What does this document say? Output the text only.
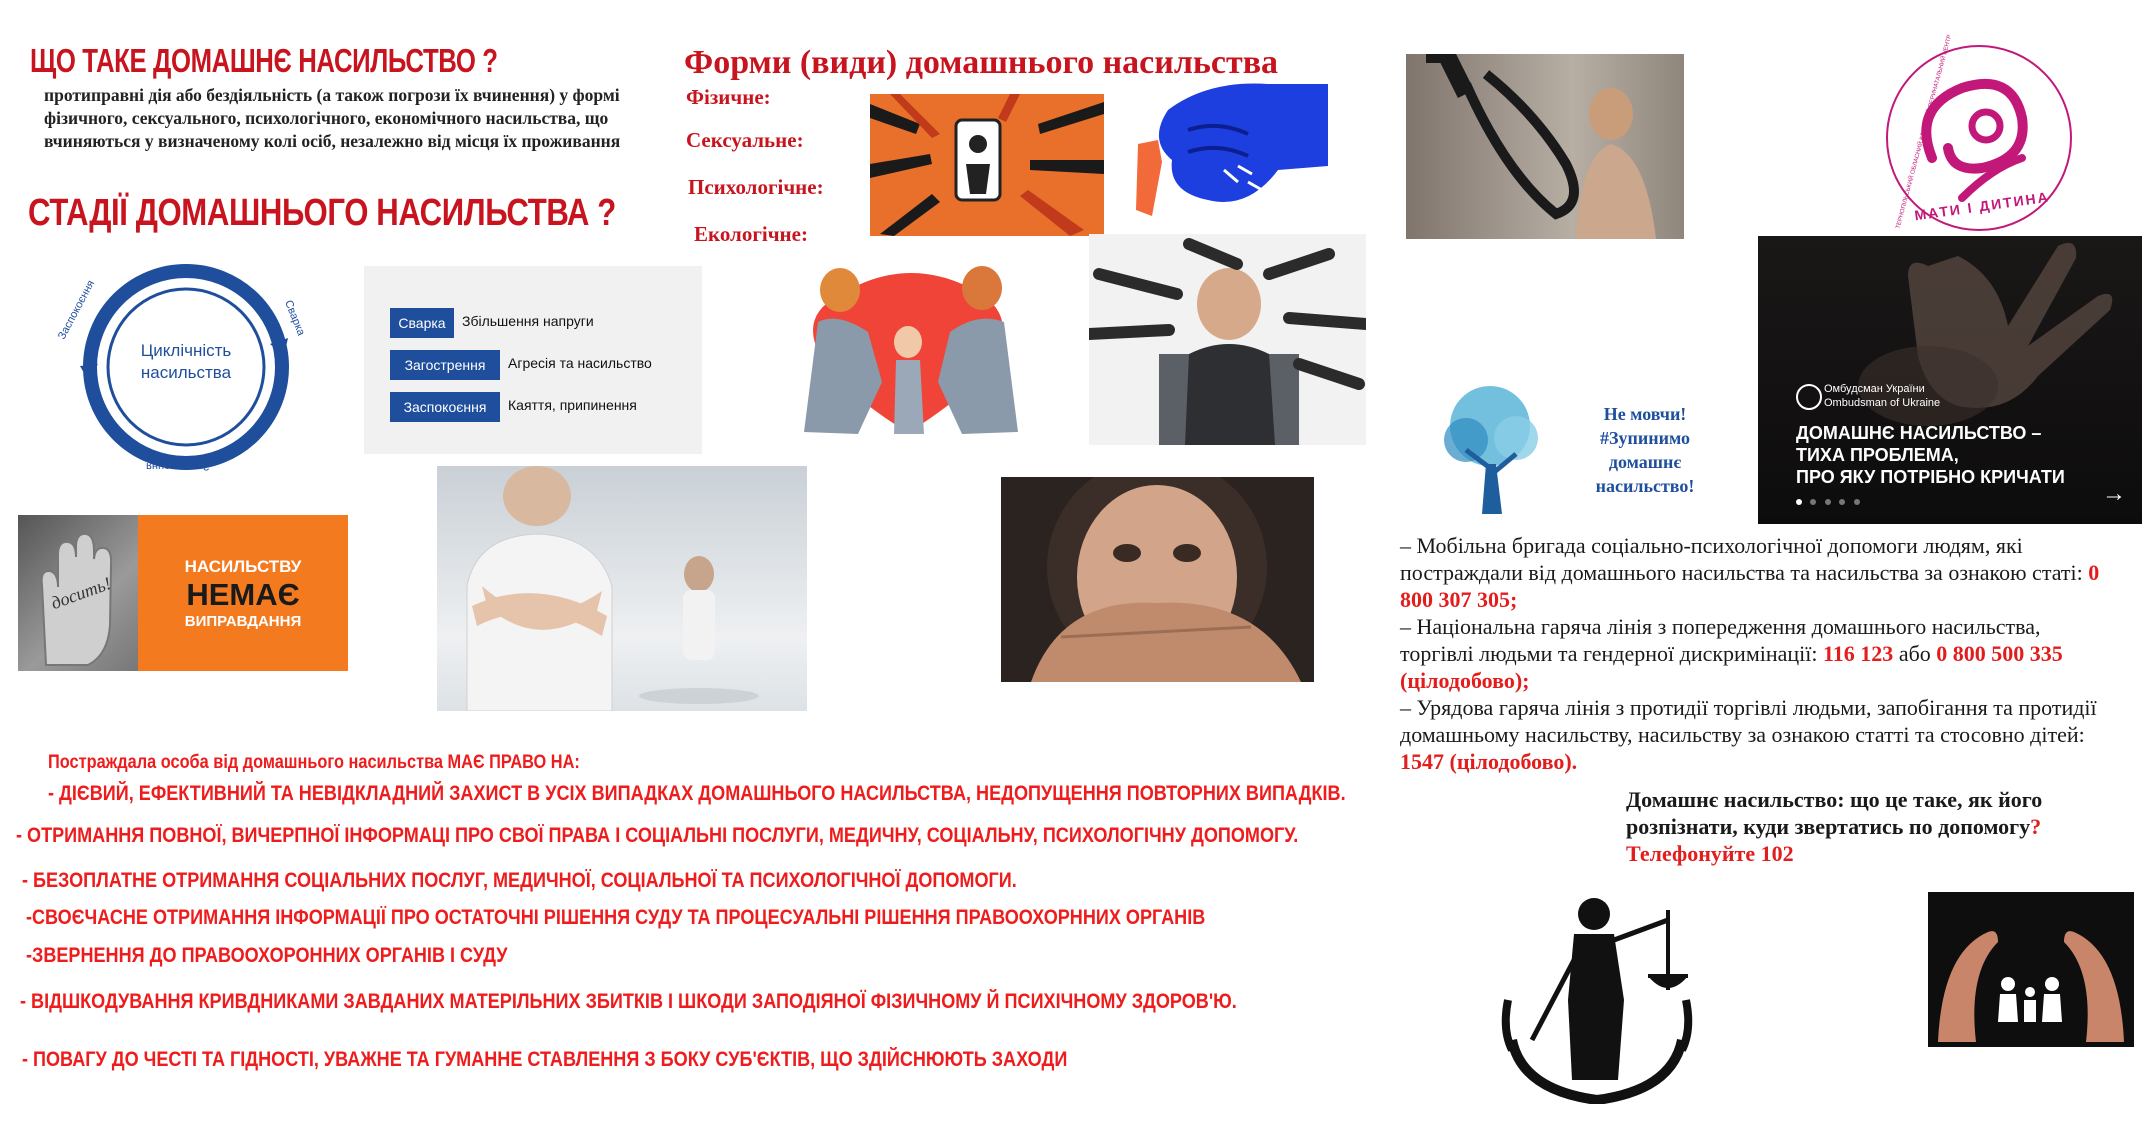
ЩО ТАКЕ ДОМАШНЄ НАСИЛЬСТВО ?
протиправні дія або бездіяльність (а також погрози їх вчинення) у формі
фізичного, сексуального, психологічного, економічного насильства, що
вчиняються у визначеному колі осіб, незалежно від місця їх проживання
СТАДІЇ ДОМАШНЬОГО НАСИЛЬСТВА ?
Форми (види) домашнього насильства
Фізичне:
Сексуальне:
Психологічне:
Екологічне:
Циклічність насильства
Заспокоєння	Сварка
Загострення
Сварка	Збільшення напруги
Загострення	Агресія та насильство
Заспокоєння	Каяття, припинення
досить!
НАСИЛЬСТВУ
НЕМАЄ
ВИПРАВДАННЯ
МАТИ І ДИТИНА
ТЕРНОПІЛЬСЬКИЙ ОБЛАСНИЙ КЛІНІЧНИЙ ПЕРИНАТАЛЬНИЙ ЦЕНТР
Не мовчи!
#Зупинимо
домашнє
насильство!
Омбудсман України
Ombudsman of Ukraine
ДОМАШНЄ НАСИЛЬСТВО –
ТИХА ПРОБЛЕМА,
ПРО ЯКУ ПОТРІБНО КРИЧАТИ

→
– Мобільна бригада соціально-психологічної допомоги людям, які постраждали від домашнього насильства та насильства за ознакою статі: 0 800 307 305;
– Національна гаряча лінія з попередження домашнього насильства, торгівлі людьми та гендерної дискримінації: 116 123 або 0 800 500 335 (цілодобово);
– Урядова гаряча лінія з протидії торгівлі людьми, запобігання та протидії домашньому насильству, насильству за ознакою статті та стосовно дітей: 1547 (цілодобово).
Домашнє насильство: що це таке, як його розпізнати, куди звертатись по допомогу?
Телефонуйте 102
Постраждала особа від домашнього насильства МАЄ ПРАВО НА:
- ДІЄВИЙ, ЕФЕКТИВНИЙ ТА НЕВІДКЛАДНИЙ ЗАХИСТ В УСІХ ВИПАДКАХ ДОМАШНЬОГО НАСИЛЬСТВА, НЕДОПУЩЕННЯ ПОВТОРНИХ ВИПАДКІВ.
- ОТРИМАННЯ ПОВНОЇ, ВИЧЕРПНОЇ ІНФОРМАЦІ ПРО СВОЇ ПРАВА І СОЦІАЛЬНІ ПОСЛУГИ, МЕДИЧНУ, СОЦІАЛЬНУ, ПСИХОЛОГІЧНУ ДОПОМОГУ.
- БЕЗОПЛАТНЕ ОТРИМАННЯ СОЦІАЛЬНИХ ПОСЛУГ, МЕДИЧНОЇ, СОЦІАЛЬНОЇ ТА ПСИХОЛОГІЧНОЇ ДОПОМОГИ.
-СВОЄЧАСНЕ ОТРИМАННЯ ІНФОРМАЦІЇ ПРО ОСТАТОЧНІ РІШЕННЯ СУДУ ТА ПРОЦЕСУАЛЬНІ РІШЕННЯ ПРАВООХОРННИХ ОРГАНІВ
-ЗВЕРНЕННЯ ДО ПРАВООХОРОННИХ ОРГАНІВ І СУДУ
- ВІДШКОДУВАННЯ КРИВДНИКАМИ ЗАВДАНИХ МАТЕРІЛЬНИХ ЗБИТКІВ І ШКОДИ ЗАПОДІЯНОЇ ФІЗИЧНОМУ Й ПСИХІЧНОМУ ЗДОРОВ'Ю.
- ПОВАГУ ДО ЧЕСТІ ТА ГІДНОСТІ, УВАЖНЕ ТА ГУМАННЕ СТАВЛЕННЯ З БОКУ СУБ'ЄКТІВ, ЩО ЗДІЙСНЮЮТЬ ЗАХОДИ
